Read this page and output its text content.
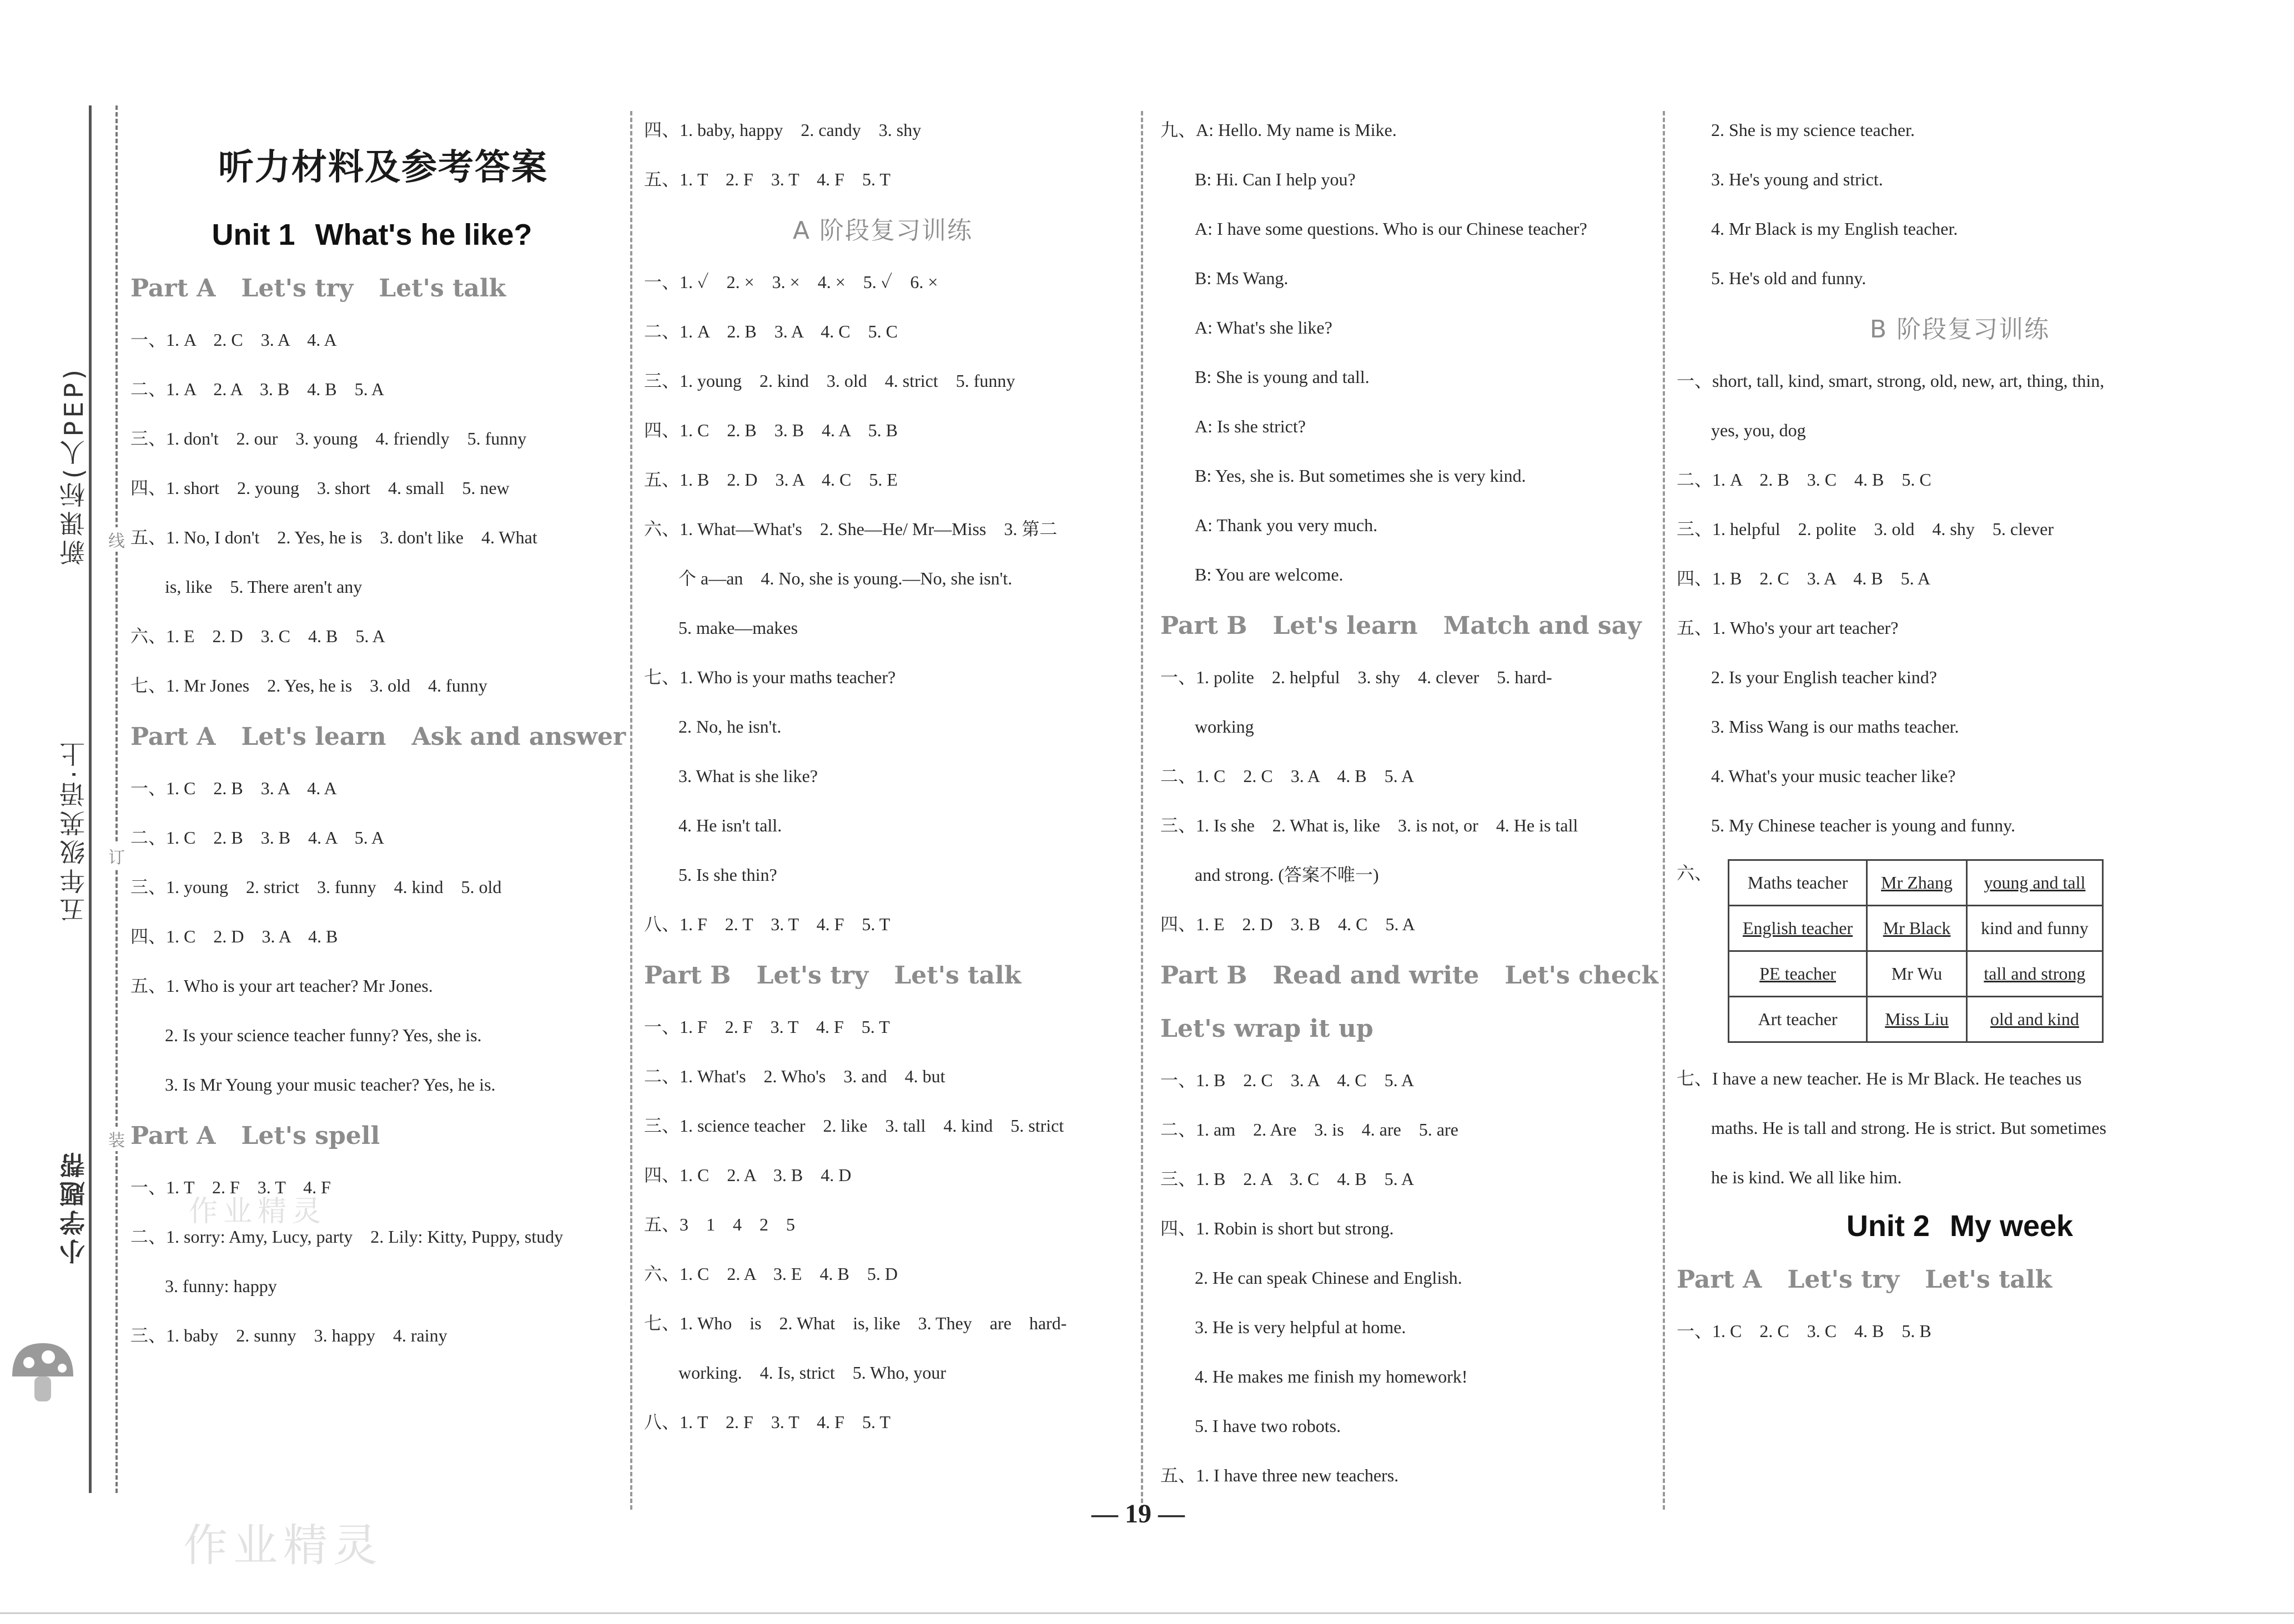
新课标(人PEP)
五年级英语·上
小学题帮
线
订
装
听力材料及参考答案
Unit 1 What's he like?
Part A Let's try Let's talk
一、1. A　2. C　3. A　4. A
二、1. A　2. A　3. B　4. B　5. A
三、1. don't　2. our　3. young　4. friendly　5. funny
四、1. short　2. young　3. short　4. small　5. new
五、1. No, I don't　2. Yes, he is　3. don't like　4. What
is, like　5. There aren't any
六、1. E　2. D　3. C　4. B　5. A
七、1. Mr Jones　2. Yes, he is　3. old　4. funny
Part A Let's learn Ask and answer
一、1. C　2. B　3. A　4. A
二、1. C　2. B　3. B　4. A　5. A
三、1. young　2. strict　3. funny　4. kind　5. old
四、1. C　2. D　3. A　4. B
五、1. Who is your art teacher? Mr Jones.
2. Is your science teacher funny? Yes, she is.
3. Is Mr Young your music teacher? Yes, he is.
Part A Let's spell
一、1. T　2. F　3. T　4. F
二、1. sorry: Amy, Lucy, party　2. Lily: Kitty, Puppy, study
3. funny: happy
三、1. baby　2. sunny　3. happy　4. rainy
四、1. baby, happy　2. candy　3. shy
五、1. T　2. F　3. T　4. F　5. T
A 阶段复习训练
一、1. ✓　2. ×　3. ×　4. ×　5. ✓　6. ×
二、1. A　2. B　3. A　4. C　5. C
三、1. young　2. kind　3. old　4. strict　5. funny
四、1. C　2. B　3. B　4. A　5. B
五、1. B　2. D　3. A　4. C　5. E
六、1. What—What's　2. She—He/ Mr—Miss　3. 第二
个 a—an　4. No, she is young.—No, she isn't.
5. make—makes
七、1. Who is your maths teacher?
2. No, he isn't.
3. What is she like?
4. He isn't tall.
5. Is she thin?
八、1. F　2. T　3. T　4. F　5. T
Part B Let's try Let's talk
一、1. F　2. F　3. T　4. F　5. T
二、1. What's　2. Who's　3. and　4. but
三、1. science teacher　2. like　3. tall　4. kind　5. strict
四、1. C　2. A　3. B　4. D
五、3　1　4　2　5
六、1. C　2. A　3. E　4. B　5. D
七、1. Who　is　2. What　is, like　3. They　are　hard-
working.　4. Is, strict　5. Who, your
八、1. T　2. F　3. T　4. F　5. T
九、A: Hello. My name is Mike.
B: Hi. Can I help you?
A: I have some questions. Who is our Chinese teacher?
B: Ms Wang.
A: What's she like?
B: She is young and tall.
A: Is she strict?
B: Yes, she is. But sometimes she is very kind.
A: Thank you very much.
B: You are welcome.
Part B Let's learn Match and say
一、1. polite　2. helpful　3. shy　4. clever　5. hard-
working
二、1. C　2. C　3. A　4. B　5. A
三、1. Is she　2. What is, like　3. is not, or　4. He is tall
and strong. (答案不唯一)
四、1. E　2. D　3. B　4. C　5. A
Part B Read and write Let's check
Let's wrap it up
一、1. B　2. C　3. A　4. C　5. A
二、1. am　2. Are　3. is　4. are　5. are
三、1. B　2. A　3. C　4. B　5. A
四、1. Robin is short but strong.
2. He can speak Chinese and English.
3. He is very helpful at home.
4. He makes me finish my homework!
5. I have two robots.
五、1. I have three new teachers.
2. She is my science teacher.
3. He's young and strict.
4. Mr Black is my English teacher.
5. He's old and funny.
B 阶段复习训练
一、short, tall, kind, smart, strong, old, new, art, thing, thin,
yes, you, dog
二、1. A　2. B　3. C　4. B　5. C
三、1. helpful　2. polite　3. old　4. shy　5. clever
四、1. B　2. C　3. A　4. B　5. A
五、1. Who's your art teacher?
2. Is your English teacher kind?
3. Miss Wang is our maths teacher.
4. What's your music teacher like?
5. My Chinese teacher is young and funny.
六、 Maths teacher	Mr Zhang	young and tall
English teacher	Mr Black	kind and funny
PE teacher	Mr Wu	tall and strong
Art teacher	Miss Liu	old and kind
七、I have a new teacher. He is Mr Black. He teaches us
maths. He is tall and strong. He is strict. But sometimes
he is kind. We all like him.
Unit 2 My week
Part A Let's try Let's talk
一、1. C　2. C　3. C　4. B　5. B
— 19 —
作业精灵
作业精灵
